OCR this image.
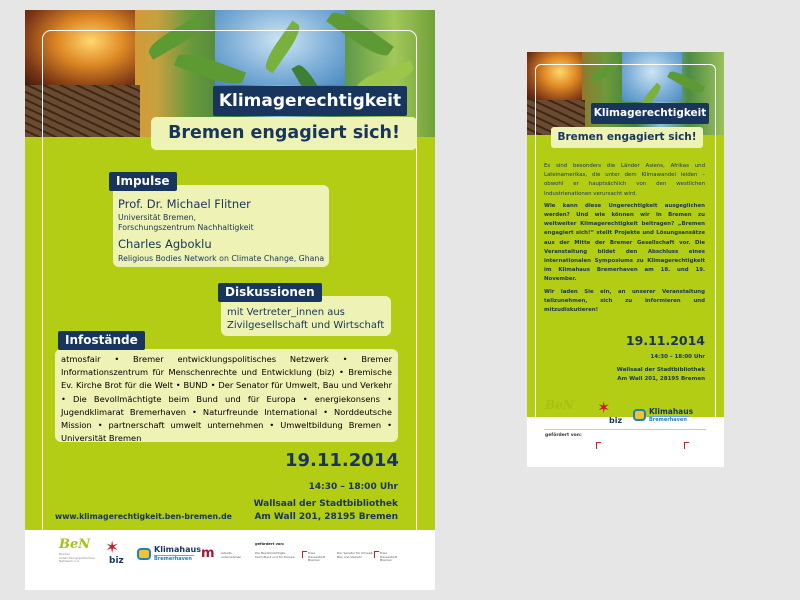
Klimagerechtigkeit
Bremen engagiert sich!
Impulse
Prof. Dr. Michael Flitner
Universität Bremen,
Forschungszentrum Nachhaltigkeit
Charles Agboklu
Religious Bodies Network on Climate Change, Ghana
Diskussionen
mit Vertreter_innen aus
Zivilgesellschaft und Wirtschaft
Infostände
atmosfair • Bremer entwicklungspolitisches Netzwerk • Bremer Informationszentrum für Menschenrechte und Entwicklung (biz) • Bremische Ev. Kirche Brot für die Welt • BUND • Der Senator für Umwelt, Bau und Verkehr • Die Bevollmächtigte beim Bund und für Europa • energiekonsens • Jugendklimarat Bremerhaven • Naturfreunde International • Norddeutsche Mission • partnerschaft umwelt unternehmen • Umweltbildung Bremen • Universität Bremen
19.11.2014
14:30 – 18:00 Uhr
Wallsaal der Stadtbibliothek
Am Wall 201, 28195 Bremen
www.klimagerechtigkeit.ben-bremen.de
BeN
Bremer
entwicklungspolitisches
Netzwerk e.V.
✶
biz
Klimahaus
Bremerhaven m Arbeits-
unternehmen
gefördert von:
Die Bevollmächtigte
beim Bund und für Europa
Freie
Hansestadt
Bremen
Der Senator für Umwelt,
Bau und Verkehr
Freie
Hansestadt
Bremen
Klimagerechtigkeit
Bremen engagiert sich!

Es sind besonders die Länder Asiens, Afrikas und Lateinamerikas, die unter dem Klimawandel leiden – obwohl er hauptsächlich von den westlichen Industrienationen verursacht wird.

Wie kann diese Ungerechtigkeit ausgeglichen werden? Und wie können wir in Bremen zu weltweiter Klimagerechtigkeit beitragen? „Bremen engagiert sich!“ stellt Projekte und Lösungsansätze aus der Mitte der Bremer Gesellschaft vor. Die Veranstaltung bildet den Abschluss eines internationalen Symposiums zu Klimagerechtigkeit im Klimahaus Bremerhaven am 18. und 19. November.

Wir laden Sie ein, an unserer Veranstaltung teilzunehmen, sich zu informieren und mitzudiskutieren!

19.11.2014
14:30 – 18:00 Uhr
Wallsaal der Stadtbibliothek
Am Wall 201, 28195 Bremen
BeN ✶
biz
Klimahaus
Bremerhaven
gefördert von:
